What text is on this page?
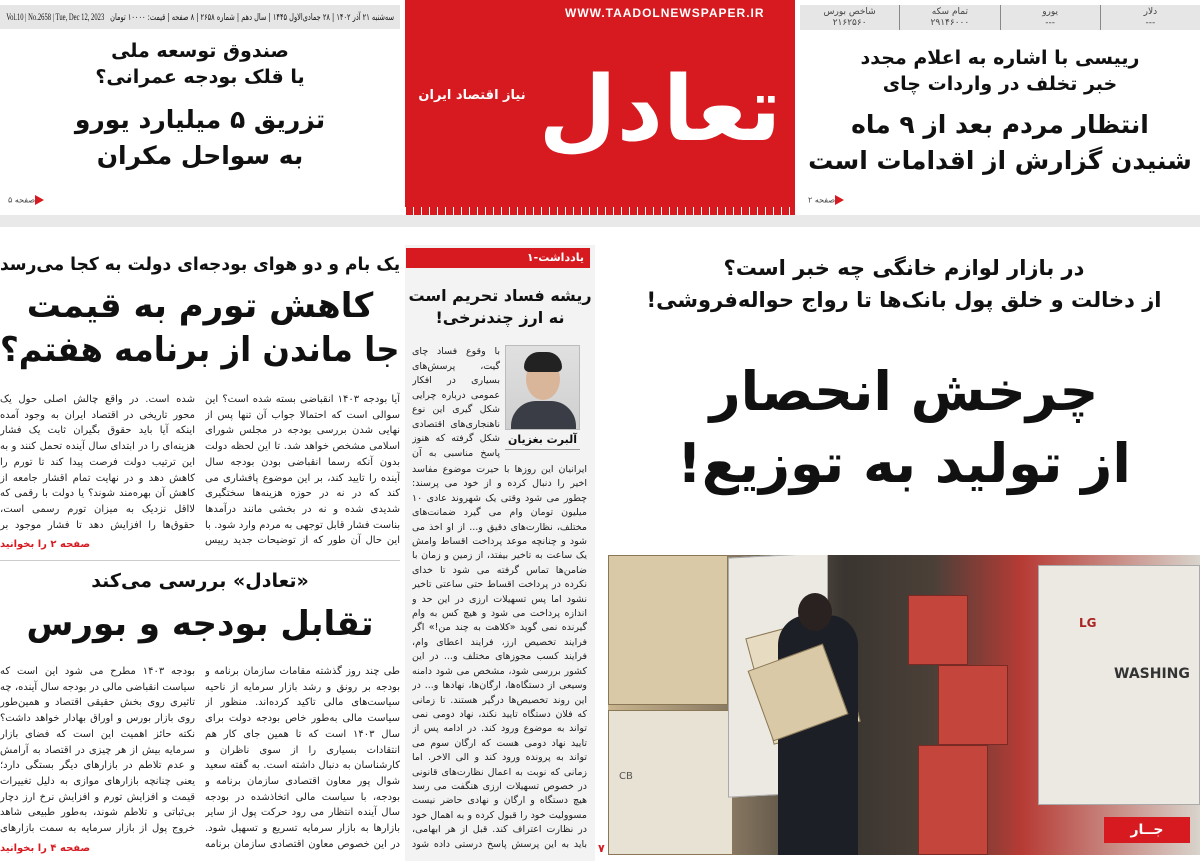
سه‌شنبه ۲۱ آذر ۱۴۰۲ | ۲۸ جمادی‌الاول ۱۴۴۵ | سال دهم | شماره ۲۶۵۸ | ۸ صفحه | قیمت: ۱۰۰۰۰ تومانVol.10 | No.2658 | Tue, Dec 12, 2023	WWW.TAADOLNEWSPAPER.IR
تعادل
نیاز اقتصاد ایران
دلار
---
یورو
---
تمام سکه
۲۹۱۴۶۰۰۰
شاخص بورس
۲۱۶۲۵۶۰
صندوق توسعه ملی
یا قلک بودجه عمرانی؟
تزریق ۵ میلیارد یورو
به سواحل مکران
صفحه ۵
رییسی با اشاره به اعلام مجدد
خبر تخلف در واردات چای
انتظار مردم بعد از ۹ ماه
شنیدن گزارش از اقدامات است
صفحه ۲
یک بام و دو هوای بودجه‌ای دولت به کجا می‌رسد
کاهش تورم به قیمت
جا ماندن از برنامه هفتم؟
آیا بودجه ۱۴۰۳ انقباضی بسته شده است؟ این سوالی است که احتمالا جواب آن تنها پس از نهایی شدن بررسی بودجه در مجلس شورای اسلامی مشخص خواهد شد. تا این لحظه دولت بدون آنکه رسما انقباضی بودن بودجه سال آینده را تایید کند، بر این موضوع پافشاری می کند که در نه در حوزه هزینه‌ها سختگیری شدیدی شده و نه در بخشی مانند درآمدها بناست فشار قابل توجهی به مردم وارد شود. با این حال آن طور که از توضیحات جدید رییس
شده است. در واقع چالش اصلی حول یک محور تاریخی در اقتصاد ایران به وجود آمده اینکه آیا باید حقوق بگیران ثابت یک فشار هزینه‌ای را در ابتدای سال آینده تحمل کنند و به این ترتیب دولت فرصت پیدا کند تا تورم را کاهش دهد و در نهایت تمام اقشار جامعه از کاهش آن بهره‌مند شوند؟ یا دولت با رقمی که لااقل نزدیک به میزان تورم رسمی است، حقوق‌ها را افزایش دهد تا فشار موجود بر
صفحه ۲ را بخوانید
«تعادل» بررسی می‌کند
تقابل بودجه و بورس
طی چند روز گذشته مقامات سازمان برنامه و بودجه بر رونق و رشد بازار سرمایه از ناحیه سیاست‌های مالی تاکید کرده‌اند. منظور از سیاست مالی به‌طور خاص بودجه دولت برای سال ۱۴۰۳ است که تا همین جای کار هم انتقادات بسیاری را از سوی ناظران و کارشناسان به دنبال داشته است. به گفته سعید شوال پور معاون اقتصادی سازمان برنامه و بودجه، با سیاست مالی اتخاذشده در بودجه سال آینده انتظار می رود حرکت پول از سایر بازارها به بازار سرمایه تسریع و تسهیل شود. در این خصوص معاون اقتصادی سازمان برنامه
بودجه ۱۴۰۳ مطرح می شود این است که سیاست انقباضی مالی در بودجه سال آینده، چه تاثیری روی بخش حقیقی اقتصاد و همین‌طور روی بازار بورس و اوراق بهادار خواهد داشت؟ نکته حائز اهمیت این است که فضای بازار سرمایه بیش از هر چیزی در اقتصاد به آرامش و عدم تلاطم در بازارهای دیگر بستگی دارد؛ یعنی چنانچه بازارهای موازی به دلیل تغییرات قیمت و افزایش تورم و افزایش نرخ ارز دچار بی‌ثباتی و تلاطم شوند، به‌طور طبیعی شاهد خروج پول از بازار سرمایه به سمت بازارهای
صفحه ۴ را بخوانید
یادداشت-۱
ریشه فساد تحریم است
نه ارز چندنرخی!
آلبرت بغزیان
با وقوع فساد چای گیت، پرسش‌های بسیاری در افکار عمومی درباره چرایی شکل گیری این نوع ناهنجاری‌های اقتصادی شکل گرفته که هنوز پاسخ مناسبی به آن
ایرانیان این روزها با حیرت موضوع مفاسد اخیر را دنبال کرده و از خود می پرسند: چطور می شود وقتی یک شهروند عادی ۱۰ میلیون تومان وام می گیرد ضمانت‌های مختلف، نظارت‌های دقیق و... از او اخذ می شود و چنانچه موعد پرداخت اقساط وامش یک ساعت به تاخیر بیفتد، از زمین و زمان با ضامن‌ها تماس گرفته می شود تا خدای نکرده در پرداخت اقساط حتی ساعتی تاخیر نشود اما پس تسهیلات ارزی در این حد و اندازه پرداخت می شود و هیچ کس به وام گیرنده نمی گوید «کلاهت به چند من!» اگر فرایند تخصیص ارز، فرایند اعطای وام، فرایند کسب مجوزهای مختلف و... در این کشور بررسی شود، مشخص می شود دامنه وسیعی از دستگاه‌ها، ارگان‌ها، نهادها و... در این روند تخصیص‌ها درگیر هستند. تا زمانی که فلان دستگاه تایید نکند، نهاد دومی نمی تواند به موضوع ورود کند. در ادامه پس از تایید نهاد دومی هست که ارگان سوم می تواند به پرونده ورود کند و الی الاخر. اما زمانی که نوبت به اعمال نظارت‌های قانونی در خصوص تسهیلات ارزی هنگفت می رسد هیچ دستگاه و ارگان و نهادی حاضر نیست مسوولیت خود را قبول کرده و به اهمال خود در نظارت اعتراف کند. قبل از هر ابهامی، باید به این پرسش پاسخ درستی داده شود
در بازار لوازم خانگی چه خبر است؟
از دخالت و خلق پول بانک‌ها تا رواج حواله‌فروشی!
چرخش انحصار
از تولید به توزیع!
CB
WASHING
LG
جــار
۷
